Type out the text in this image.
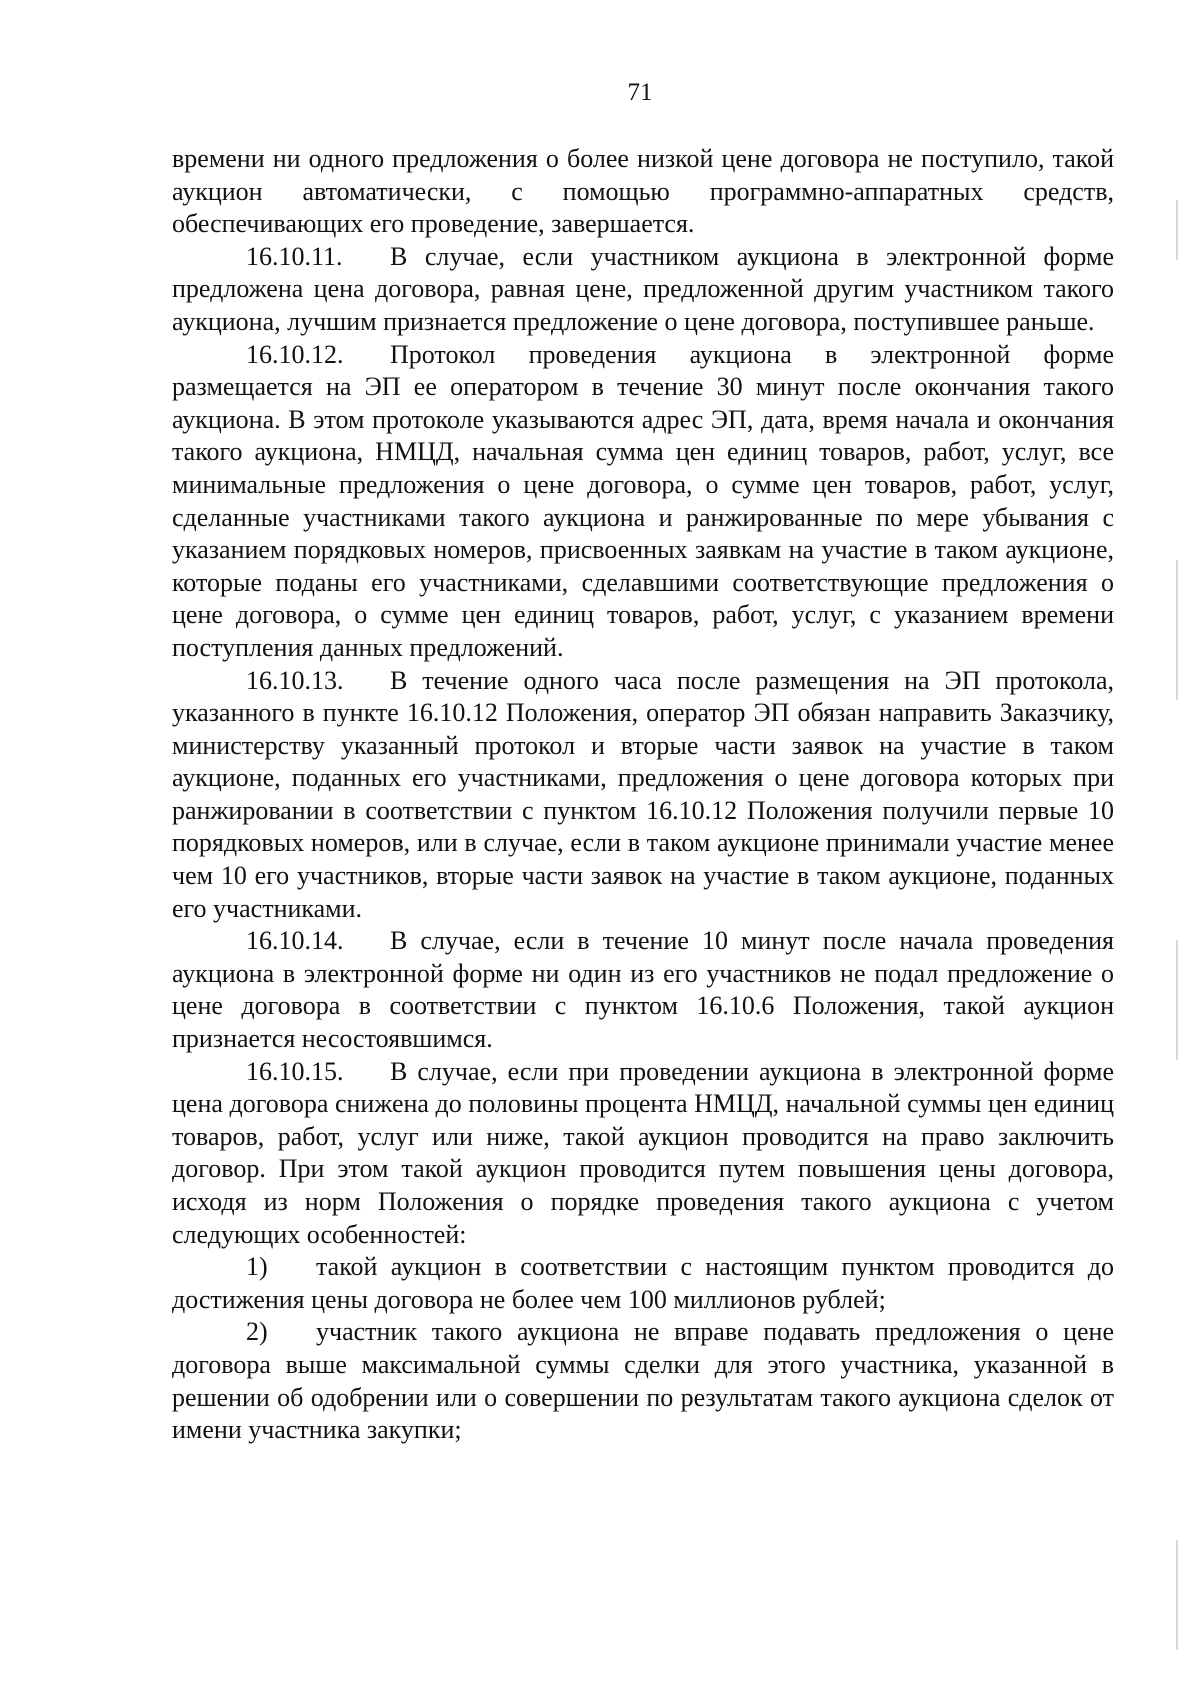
71

времени ни одного предложения о более низкой цене договора не поступило, такой аукцион автоматически, с помощью программно-аппаратных средств, обеспечивающих его проведение, завершается.

16.10.11. В случае, если участником аукциона в электронной форме предложена цена договора, равная цене, предложенной другим участником такого аукциона, лучшим признается предложение о цене договора, поступившее раньше.

16.10.12. Протокол проведения аукциона в электронной форме размещается на ЭП ее оператором в течение 30 минут после окончания такого аукциона. В этом протоколе указываются адрес ЭП, дата, время начала и окончания такого аукциона, НМЦД, начальная сумма цен единиц товаров, работ, услуг, все минимальные предложения о цене договора, о сумме цен товаров, работ, услуг, сделанные участниками такого аукциона и ранжированные по мере убывания с указанием порядковых номеров, присвоенных заявкам на участие в таком аукционе, которые поданы его участниками, сделавшими соответствующие предложения о цене договора, о сумме цен единиц товаров, работ, услуг, с указанием времени поступления данных предложений.

16.10.13. В течение одного часа после размещения на ЭП протокола, указанного в пункте 16.10.12 Положения, оператор ЭП обязан направить Заказчику, министерству указанный протокол и вторые части заявок на участие в таком аукционе, поданных его участниками, предложения о цене договора которых при ранжировании в соответствии с пунктом 16.10.12 Положения получили первые 10 порядковых номеров, или в случае, если в таком аукционе принимали участие менее чем 10 его участников, вторые части заявок на участие в таком аукционе, поданных его участниками.

16.10.14. В случае, если в течение 10 минут после начала проведения аукциона в электронной форме ни один из его участников не подал предложение о цене договора в соответствии с пунктом 16.10.6 Положения, такой аукцион признается несостоявшимся.

16.10.15. В случае, если при проведении аукциона в электронной форме цена договора снижена до половины процента НМЦД, начальной суммы цен единиц товаров, работ, услуг или ниже, такой аукцион проводится на право заключить договор. При этом такой аукцион проводится путем повышения цены договора, исходя из норм Положения о порядке проведения такого аукциона с учетом следующих особенностей:

1) такой аукцион в соответствии с настоящим пунктом проводится до достижения цены договора не более чем 100 миллионов рублей;

2) участник такого аукциона не вправе подавать предложения о цене договора выше максимальной суммы сделки для этого участника, указанной в решении об одобрении или о совершении по результатам такого аукциона сделок от имени участника закупки;
